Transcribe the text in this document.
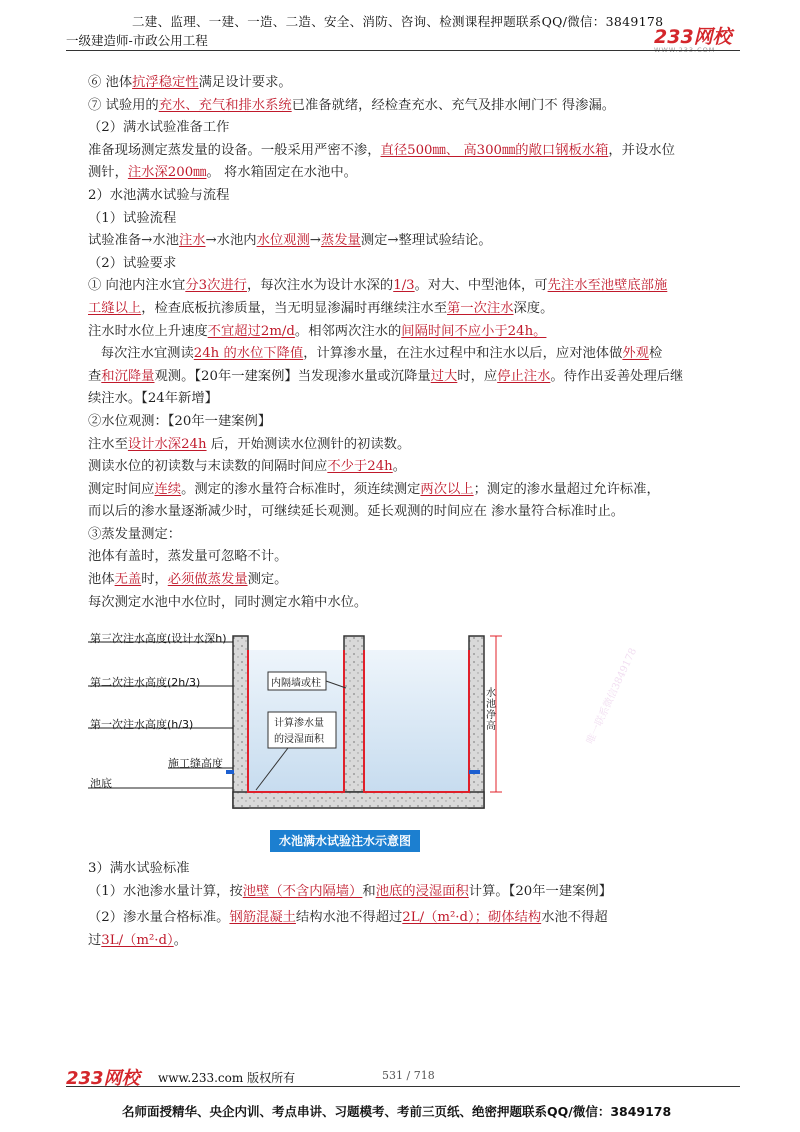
二建、监理、一建、一造、二造、安全、消防、咨询、检测课程押题联系QQ/微信：3849178
一级建造师-市政公用工程	233网校
WWW.233.COM

⑥ 池体抗浮稳定性满足设计要求。

⑦ 试验用的充水、充气和排水系统已准备就绪，经检查充水、充气及排水闸门不 得渗漏。

（2）满水试验准备工作

准备现场测定蒸发量的设备。一般采用严密不渗，直径500㎜、 高300㎜的敞口钢板水箱，并设水位

测针，注水深200㎜。 将水箱固定在水池中。

2）水池满水试验与流程

（1）试验流程

试验准备→水池注水→水池内水位观测→蒸发量测定→整理试验结论。

（2）试验要求

① 向池内注水宜分3次进行，每次注水为设计水深的1/3。对大、中型池体，可先注水至池壁底部施

工缝以上，检查底板抗渗质量，当无明显渗漏时再继续注水至第一次注水深度。

注水时水位上升速度不宜超过2m/d。相邻两次注水的间隔时间不应小于24h。

每次注水宜测读24h 的水位下降值，计算渗水量，在注水过程中和注水以后，应对池体做外观检

查和沉降量观测。【20年一建案例】当发现渗水量或沉降量过大时，应停止注水。待作出妥善处理后继

续注水。【24年新增】

②水位观测：【20年一建案例】

注水至设计水深24h 后，开始测读水位测针的初读数。

测读水位的初读数与末读数的间隔时间应不少于24h。

测定时间应连续。测定的渗水量符合标准时，须连续测定两次以上；测定的渗水量超过允许标准，

而以后的渗水量逐渐减少时，可继续延长观测。延长观测的时间应在 渗水量符合标准时止。

③蒸发量测定：

池体有盖时，蒸发量可忽略不计。

池体无盖时，必须做蒸发量测定。

每次测定水池中水位时，同时测定水箱中水位。

第三次注水高度(设计水深h)
第二次注水高度(2h/3)
第一次注水高度(h/3)
施工缝高度
池底
内隔墙或柱
计算渗水量
的浸湿面积
水池净高	唯一联系微信3849178
水池满水试验注水示意图

3）满水试验标准

（1）水池渗水量计算，按池壁（不含内隔墙）和池底的浸湿面积计算。【20年一建案例】

（2）渗水量合格标准。钢筋混凝土结构水池不得超过2L/（m²·d）；砌体结构水池不得超

过3L/（m²·d）。

233网校 www.233.com 版权所有	531 / 718
名师面授精华、央企内训、考点串讲、习题模考、考前三页纸、绝密押题联系QQ/微信：3849178
